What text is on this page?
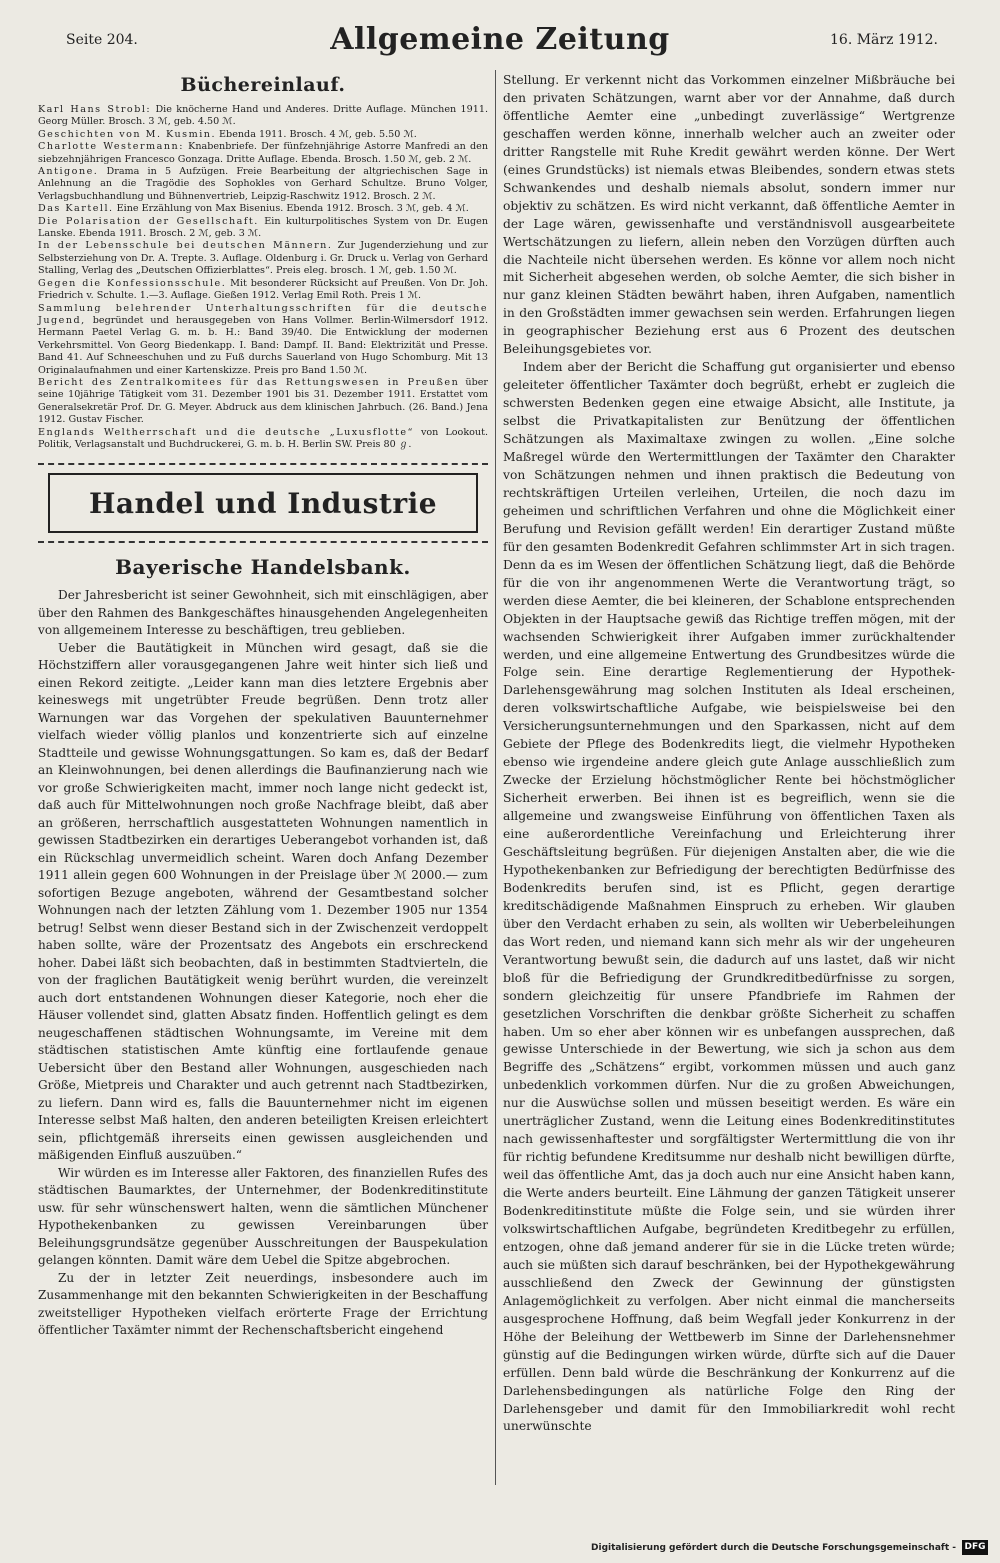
Seite 204.	Allgemeine Zeitung	16. März 1912.
Büchereinlauf.

Karl Hans Strobl: Die knöcherne Hand und Anderes. Dritte Auflage. München 1911. Georg Müller. Brosch. 3 ℳ, geb. 4.50 ℳ.

Geschichten von M. Kusmin. Ebenda 1911. Brosch. 4 ℳ, geb. 5.50 ℳ.

Charlotte Westermann: Knabenbriefe. Der fünfzehnjährige Astorre Manfredi an den siebzehnjährigen Francesco Gonzaga. Dritte Auflage. Ebenda. Brosch. 1.50 ℳ, geb. 2 ℳ.

Antigone. Drama in 5 Aufzügen. Freie Bearbeitung der altgriechischen Sage in Anlehnung an die Tragödie des Sophokles von Gerhard Schultze. Bruno Volger, Verlagsbuchhandlung und Bühnenvertrieb, Leipzig-Raschwitz 1912. Brosch. 2 ℳ.

Das Kartell. Eine Erzählung von Max Bisenius. Ebenda 1912. Brosch. 3 ℳ, geb. 4 ℳ.

Die Polarisation der Gesellschaft. Ein kulturpolitisches System von Dr. Eugen Lanske. Ebenda 1911. Brosch. 2 ℳ, geb. 3 ℳ.

In der Lebensschule bei deutschen Männern. Zur Jugenderziehung und zur Selbsterziehung von Dr. A. Trepte. 3. Auflage. Oldenburg i. Gr. Druck u. Verlag von Gerhard Stalling, Verlag des „Deutschen Offizierblattes“. Preis eleg. brosch. 1 ℳ, geb. 1.50 ℳ.

Gegen die Konfessionsschule. Mit besonderer Rücksicht auf Preußen. Von Dr. Joh. Friedrich v. Schulte. 1.—3. Auflage. Gießen 1912. Verlag Emil Roth. Preis 1 ℳ.

Sammlung belehrender Unterhaltungsschriften für die deutsche Jugend, begründet und herausgegeben von Hans Vollmer. Berlin-Wilmersdorf 1912. Hermann Paetel Verlag G. m. b. H.: Band 39/40. Die Entwicklung der modernen Verkehrsmittel. Von Georg Biedenkapp. I. Band: Dampf. II. Band: Elektrizität und Presse. Band 41. Auf Schneeschuhen und zu Fuß durchs Sauerland von Hugo Schomburg. Mit 13 Originalaufnahmen und einer Kartenskizze. Preis pro Band 1.50 ℳ.

Bericht des Zentralkomitees für das Rettungswesen in Preußen über seine 10jährige Tätigkeit vom 31. Dezember 1901 bis 31. Dezember 1911. Erstattet vom Generalsekretär Prof. Dr. G. Meyer. Abdruck aus dem klinischen Jahrbuch. (26. Band.) Jena 1912. Gustav Fischer.

Englands Weltherrschaft und die deutsche „Luxusflotte“ von Lookout. Politik, Verlagsanstalt und Buchdruckerei, G. m. b. H. Berlin SW. Preis 80 ℊ.

Handel und Industrie
Bayerische Handelsbank.

Der Jahresbericht ist seiner Gewohnheit, sich mit einschlägigen, aber über den Rahmen des Bankgeschäftes hinausgehenden Angelegenheiten von allgemeinem Interesse zu beschäftigen, treu geblieben.

Ueber die Bautätigkeit in München wird gesagt, daß sie die Höchstziffern aller vorausgegangenen Jahre weit hinter sich ließ und einen Rekord zeitigte. „Leider kann man dies letztere Ergebnis aber keineswegs mit ungetrübter Freude begrüßen. Denn trotz aller Warnungen war das Vorgehen der spekulativen Bauunternehmer vielfach wieder völlig planlos und konzentrierte sich auf einzelne Stadtteile und gewisse Wohnungsgattungen. So kam es, daß der Bedarf an Kleinwohnungen, bei denen allerdings die Baufinanzierung nach wie vor große Schwierigkeiten macht, immer noch lange nicht gedeckt ist, daß auch für Mittelwohnungen noch große Nachfrage bleibt, daß aber an größeren, herrschaftlich ausgestatteten Wohnungen namentlich in gewissen Stadtbezirken ein derartiges Ueberangebot vorhanden ist, daß ein Rückschlag unvermeidlich scheint. Waren doch Anfang Dezember 1911 allein gegen 600 Wohnungen in der Preislage über ℳ 2000.— zum sofortigen Bezuge angeboten, während der Gesamtbestand solcher Wohnungen nach der letzten Zählung vom 1. Dezember 1905 nur 1354 betrug! Selbst wenn dieser Bestand sich in der Zwischenzeit verdoppelt haben sollte, wäre der Prozentsatz des Angebots ein erschreckend hoher. Dabei läßt sich beobachten, daß in bestimmten Stadtvierteln, die von der fraglichen Bautätigkeit wenig berührt wurden, die vereinzelt auch dort entstandenen Wohnungen dieser Kategorie, noch eher die Häuser vollendet sind, glatten Absatz finden. Hoffentlich gelingt es dem neugeschaffenen städtischen Wohnungsamte, im Vereine mit dem städtischen statistischen Amte künftig eine fortlaufende genaue Uebersicht über den Bestand aller Wohnungen, ausgeschieden nach Größe, Mietpreis und Charakter und auch getrennt nach Stadtbezirken, zu liefern. Dann wird es, falls die Bauunternehmer nicht im eigenen Interesse selbst Maß halten, den anderen beteiligten Kreisen erleichtert sein, pflichtgemäß ihrerseits einen gewissen ausgleichenden und mäßigenden Einfluß auszuüben.“

Wir würden es im Interesse aller Faktoren, des finanziellen Rufes des städtischen Baumarktes, der Unternehmer, der Bodenkreditinstitute usw. für sehr wünschenswert halten, wenn die sämtlichen Münchener Hypothekenbanken zu gewissen Vereinbarungen über Beleihungsgrundsätze gegenüber Ausschreitungen der Bauspekulation gelangen könnten. Damit wäre dem Uebel die Spitze abgebrochen.

Zu der in letzter Zeit neuerdings, insbesondere auch im Zusammenhange mit den bekannten Schwierigkeiten in der Beschaffung zweitstelliger Hypotheken vielfach erörterte Frage der Errichtung öffentlicher Taxämter nimmt der Rechenschaftsbericht eingehend

Stellung. Er verkennt nicht das Vorkommen einzelner Mißbräuche bei den privaten Schätzungen, warnt aber vor der Annahme, daß durch öffentliche Aemter eine „unbedingt zuverlässige“ Wertgrenze geschaffen werden könne, innerhalb welcher auch an zweiter oder dritter Rangstelle mit Ruhe Kredit gewährt werden könne. Der Wert (eines Grundstücks) ist niemals etwas Bleibendes, sondern etwas stets Schwankendes und deshalb niemals absolut, sondern immer nur objektiv zu schätzen. Es wird nicht verkannt, daß öffentliche Aemter in der Lage wären, gewissenhafte und verständnisvoll ausgearbeitete Wertschätzungen zu liefern, allein neben den Vorzügen dürften auch die Nachteile nicht übersehen werden. Es könne vor allem noch nicht mit Sicherheit abgesehen werden, ob solche Aemter, die sich bisher in nur ganz kleinen Städten bewährt haben, ihren Aufgaben, namentlich in den Großstädten immer gewachsen sein werden. Erfahrungen liegen in geographischer Beziehung erst aus 6 Prozent des deutschen Beleihungsgebietes vor.

Indem aber der Bericht die Schaffung gut organisierter und ebenso geleiteter öffentlicher Taxämter doch begrüßt, erhebt er zugleich die schwersten Bedenken gegen eine etwaige Absicht, alle Institute, ja selbst die Privatkapitalisten zur Benützung der öffentlichen Schätzungen als Maximaltaxe zwingen zu wollen. „Eine solche Maßregel würde den Wertermittlungen der Taxämter den Charakter von Schätzungen nehmen und ihnen praktisch die Bedeutung von rechtskräftigen Urteilen verleihen, Urteilen, die noch dazu im geheimen und schriftlichen Verfahren und ohne die Möglichkeit einer Berufung und Revision gefällt werden! Ein derartiger Zustand müßte für den gesamten Bodenkredit Gefahren schlimmster Art in sich tragen. Denn da es im Wesen der öffentlichen Schätzung liegt, daß die Behörde für die von ihr angenommenen Werte die Verantwortung trägt, so werden diese Aemter, die bei kleineren, der Schablone entsprechenden Objekten in der Hauptsache gewiß das Richtige treffen mögen, mit der wachsenden Schwierigkeit ihrer Aufgaben immer zurückhaltender werden, und eine allgemeine Entwertung des Grundbesitzes würde die Folge sein. Eine derartige Reglementierung der Hypothek-Darlehensgewährung mag solchen Instituten als Ideal erscheinen, deren volkswirtschaftliche Aufgabe, wie beispielsweise bei den Versicherungsunternehmungen und den Sparkassen, nicht auf dem Gebiete der Pflege des Bodenkredits liegt, die vielmehr Hypotheken ebenso wie irgendeine andere gleich gute Anlage ausschließlich zum Zwecke der Erzielung höchstmöglicher Rente bei höchstmöglicher Sicherheit erwerben. Bei ihnen ist es begreiflich, wenn sie die allgemeine und zwangsweise Einführung von öffentlichen Taxen als eine außerordentliche Vereinfachung und Erleichterung ihrer Geschäftsleitung begrüßen. Für diejenigen Anstalten aber, die wie die Hypothekenbanken zur Befriedigung der berechtigten Bedürfnisse des Bodenkredits berufen sind, ist es Pflicht, gegen derartige kreditschädigende Maßnahmen Einspruch zu erheben. Wir glauben über den Verdacht erhaben zu sein, als wollten wir Ueberbeleihungen das Wort reden, und niemand kann sich mehr als wir der ungeheuren Verantwortung bewußt sein, die dadurch auf uns lastet, daß wir nicht bloß für die Befriedigung der Grundkreditbedürfnisse zu sorgen, sondern gleichzeitig für unsere Pfandbriefe im Rahmen der gesetzlichen Vorschriften die denkbar größte Sicherheit zu schaffen haben. Um so eher aber können wir es unbefangen aussprechen, daß gewisse Unterschiede in der Bewertung, wie sich ja schon aus dem Begriffe des „Schätzens“ ergibt, vorkommen müssen und auch ganz unbedenklich vorkommen dürfen. Nur die zu großen Abweichungen, nur die Auswüchse sollen und müssen beseitigt werden. Es wäre ein unerträglicher Zustand, wenn die Leitung eines Bodenkreditinstitutes nach gewissenhaftester und sorgfältigster Wertermittlung die von ihr für richtig befundene Kreditsumme nur deshalb nicht bewilligen dürfte, weil das öffentliche Amt, das ja doch auch nur eine Ansicht haben kann, die Werte anders beurteilt. Eine Lähmung der ganzen Tätigkeit unserer Bodenkreditinstitute müßte die Folge sein, und sie würden ihrer volkswirtschaftlichen Aufgabe, begründeten Kreditbegehr zu erfüllen, entzogen, ohne daß jemand anderer für sie in die Lücke treten würde; auch sie müßten sich darauf beschränken, bei der Hypothekgewährung ausschließend den Zweck der Gewinnung der günstigsten Anlagemöglichkeit zu verfolgen. Aber nicht einmal die mancherseits ausgesprochene Hoffnung, daß beim Wegfall jeder Konkurrenz in der Höhe der Beleihung der Wettbewerb im Sinne der Darlehensnehmer günstig auf die Bedingungen wirken würde, dürfte sich auf die Dauer erfüllen. Denn bald würde die Beschränkung der Konkurrenz auf die Darlehensbedingungen als natürliche Folge den Ring der Darlehensgeber und damit für den Immobiliarkredit wohl recht unerwünschte

Digitalisierung gefördert durch die Deutsche Forschungsgemeinschaft - DFG
